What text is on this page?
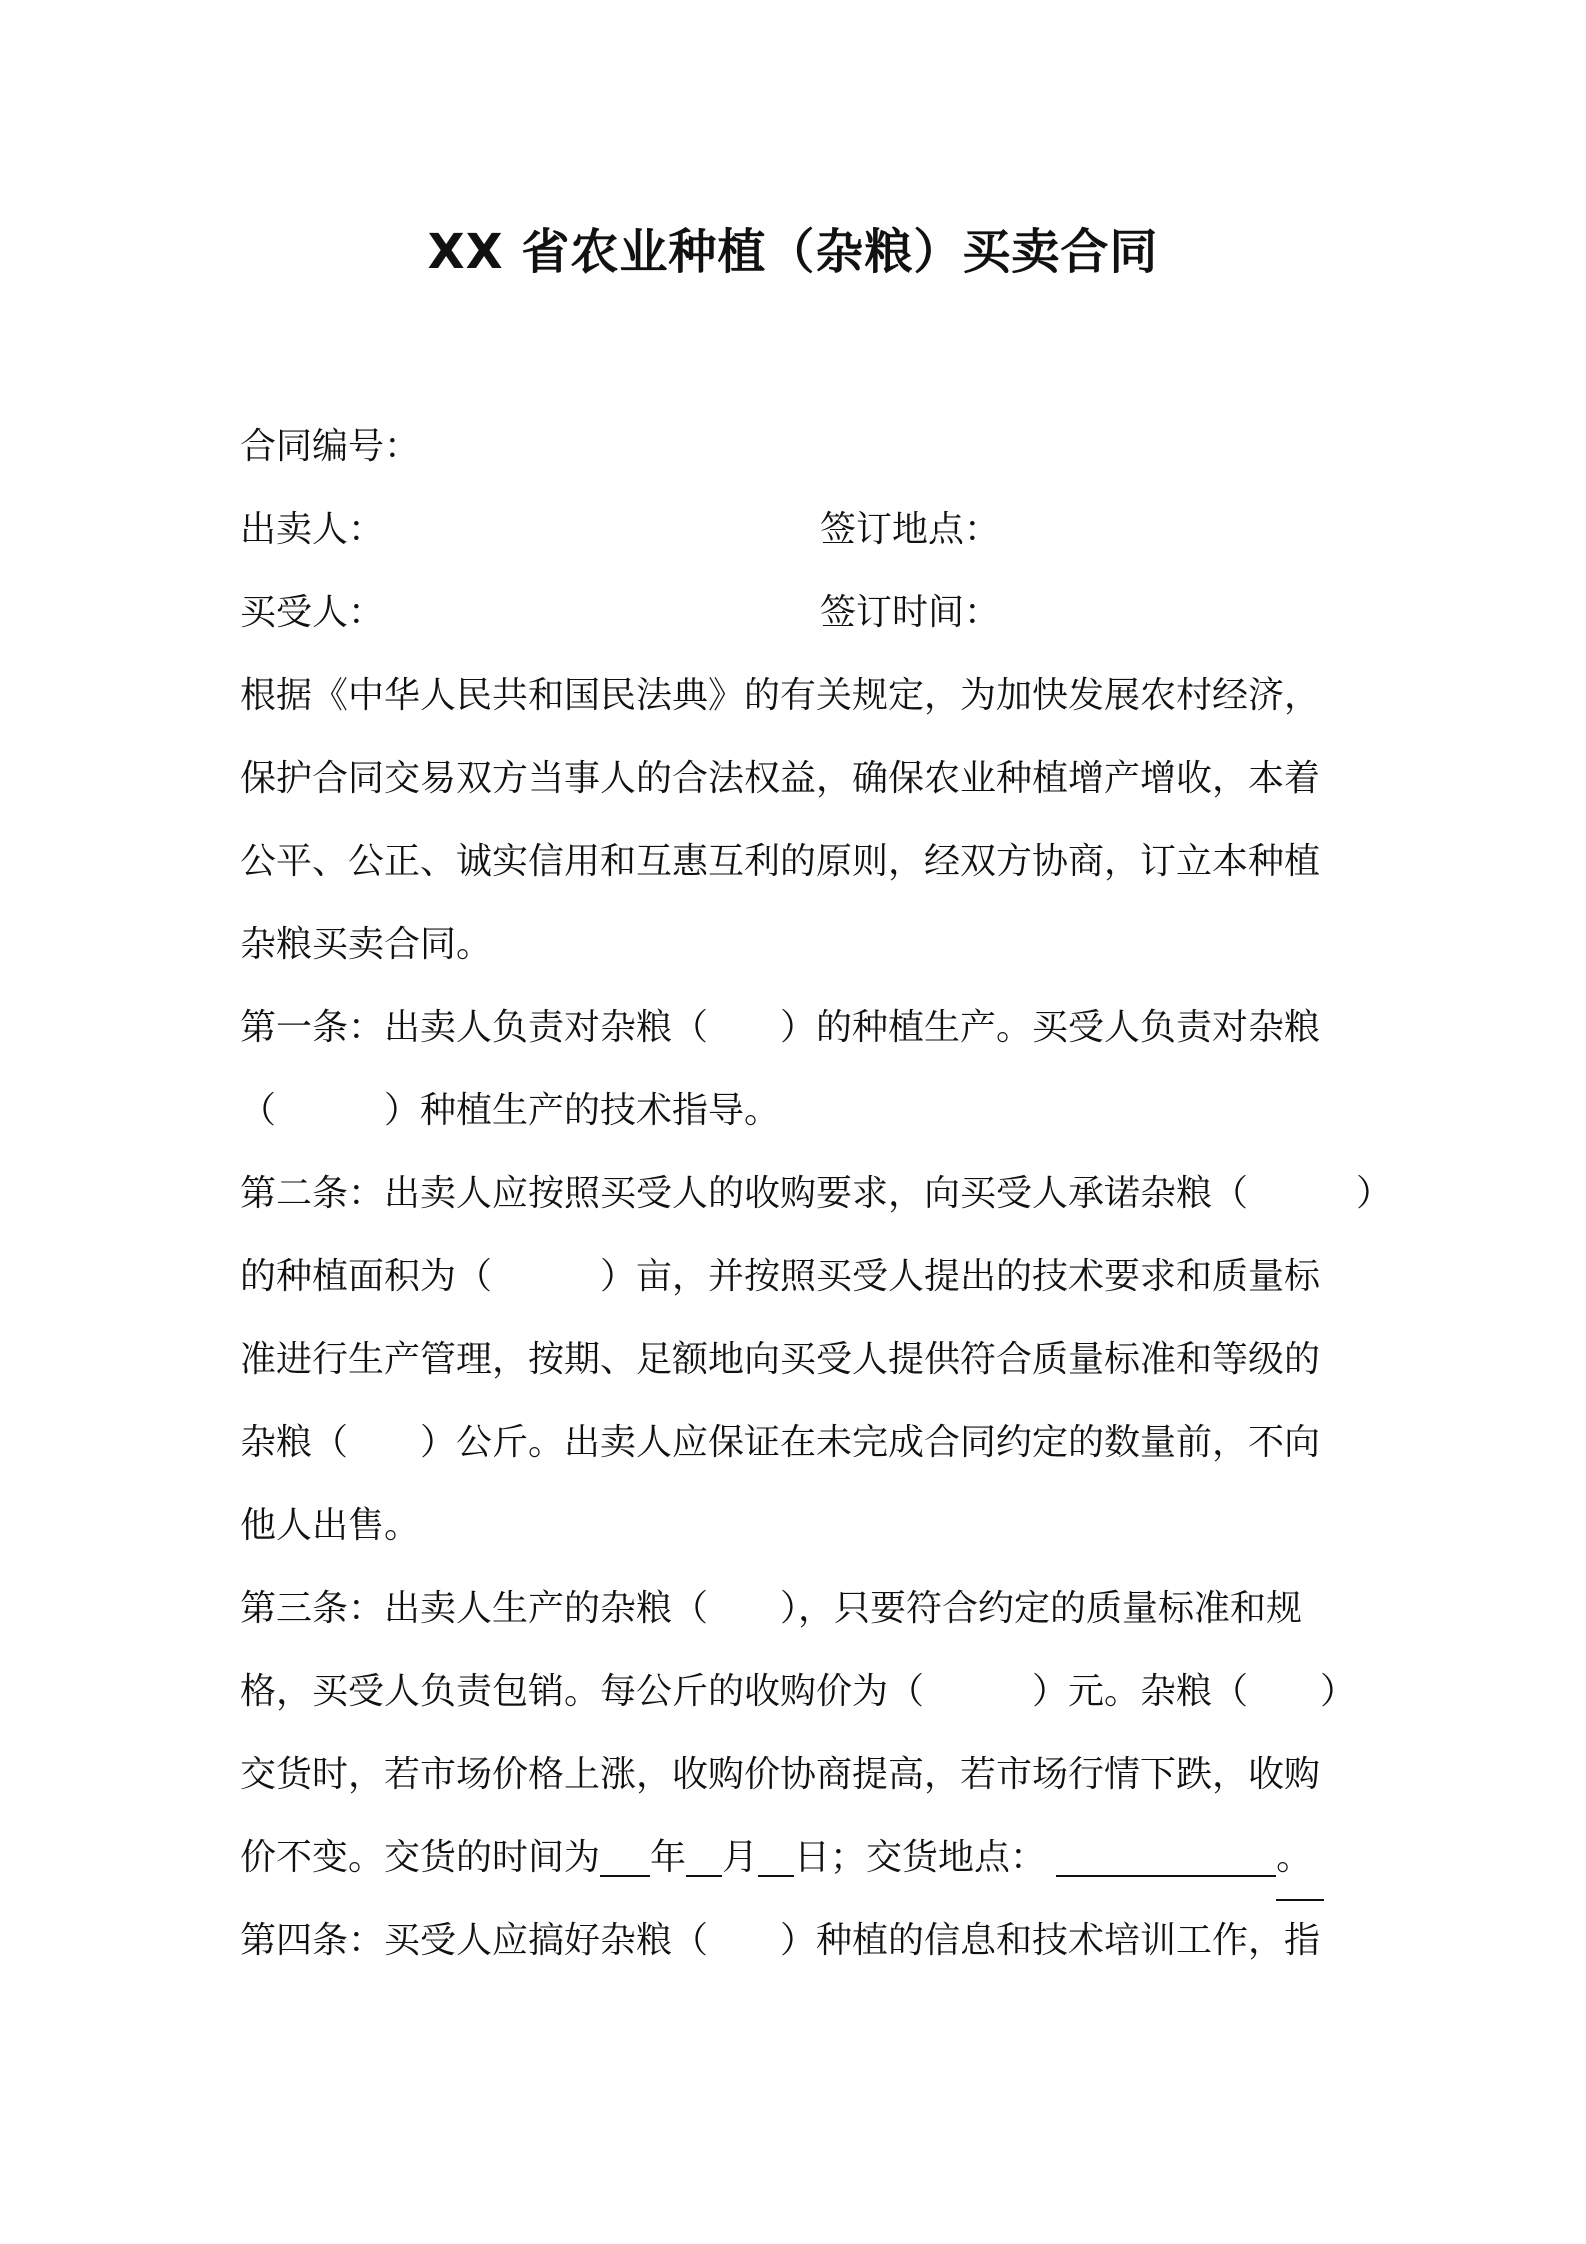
XX 省农业种植（杂粮）买卖合同
合同编号：
出卖人：	签订地点：
买受人：	签订时间：
根据《中华人民共和国民法典》的有关规定，为加快发展农村经济，
保护合同交易双方当事人的合法权益，确保农业种植增产增收，本着
公平、公正、诚实信用和互惠互利的原则，经双方协商，订立本种植
杂粮买卖合同。
第一条：出卖人负责对杂粮（　　）的种植生产。买受人负责对杂粮
（　　　）种植生产的技术指导。
第二条：出卖人应按照买受人的收购要求，向买受人承诺杂粮（　　　）
的种植面积为（　　　）亩，并按照买受人提出的技术要求和质量标
准进行生产管理，按期、足额地向买受人提供符合质量标准和等级的
杂粮（　　）公斤。出卖人应保证在未完成合同约定的数量前，不向
他人出售。
第三条：出卖人生产的杂粮（　　），只要符合约定的质量标准和规
格，买受人负责包销。每公斤的收购价为（　　　）元。杂粮（　　）
交货时，若市场价格上涨，收购价协商提高，若市场行情下跌，收购
价不变。交货的时间为 年 月 日；交货地点：	。
第四条：买受人应搞好杂粮（　　）种植的信息和技术培训工作，指
